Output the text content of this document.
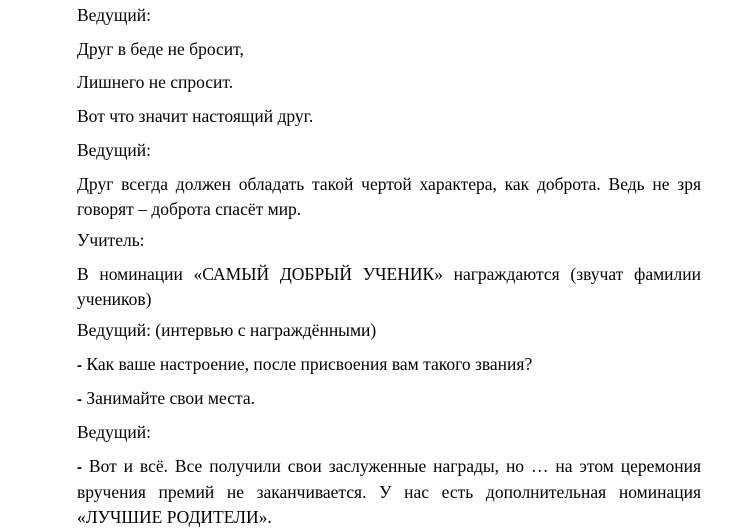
Ведущий:

Друг в беде не бросит,

Лишнего не спросит.

Вот что значит настоящий друг.

Ведущий:

Друг всегда должен обладать такой чертой характера, как доброта. Ведь не зря говорят – доброта спасёт мир.

Учитель:

В номинации «САМЫЙ ДОБРЫЙ УЧЕНИК» награждаются (звучат фамилии учеников)

Ведущий: (интервью с награждёнными)

- Как ваше настроение, после присвоения вам такого звания?

- Занимайте свои места.

Ведущий:

- Вот и всё. Все получили свои заслуженные награды, но … на этом церемония вручения премий не заканчивается. У нас есть дополнительная номинация «ЛУЧШИЕ РОДИТЕЛИ».
